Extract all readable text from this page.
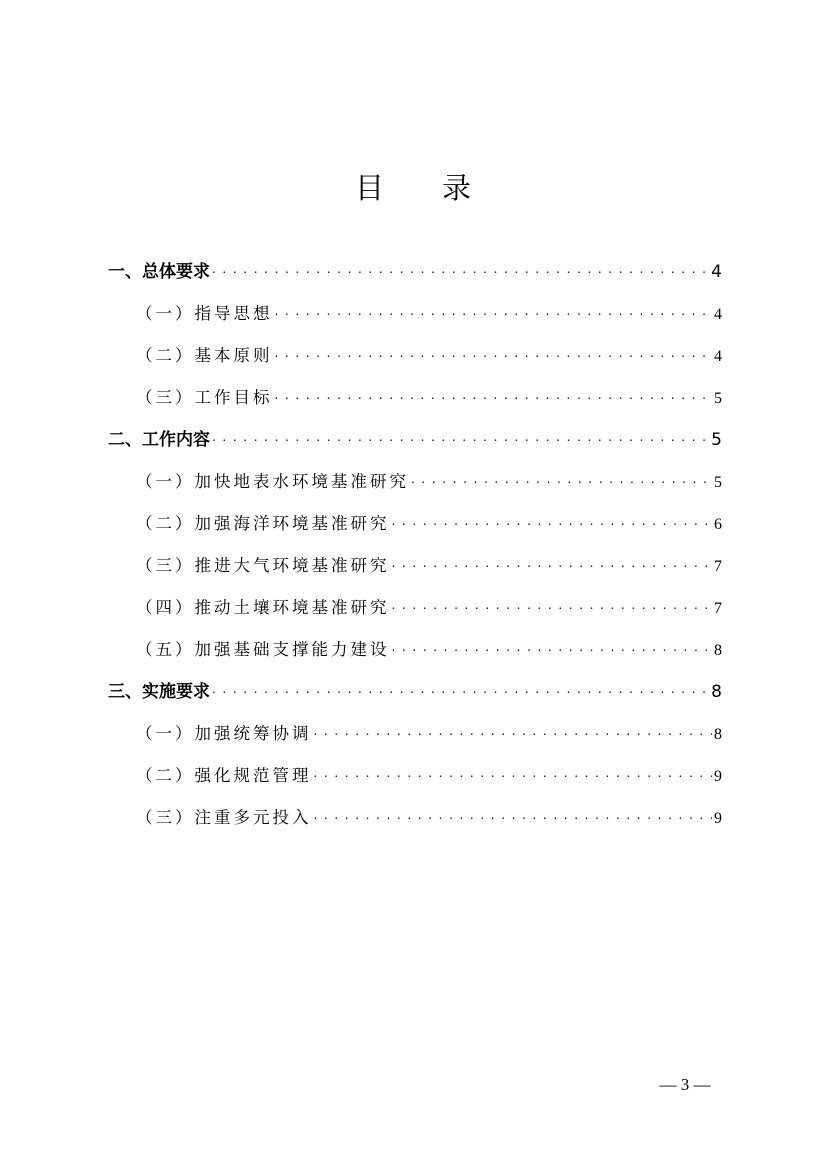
目录
一、总体要求 . . .	4
（一）指导思想 . . .	4
（二）基本原则 . . .	4
（三）工作目标 . . .	5
二、工作内容 . . .	5
（一）加快地表水环境基准研究 . . .	5
（二）加强海洋环境基准研究 . . .	6
（三）推进大气环境基准研究 . . .	7
（四）推动土壤环境基准研究 . . .	7
（五）加强基础支撑能力建设 . . .	8
三、实施要求 . . .	8
（一）加强统筹协调 . . .	8
（二）强化规范管理 . . .	9
（三）注重多元投入 . . .	9
— 3 —
